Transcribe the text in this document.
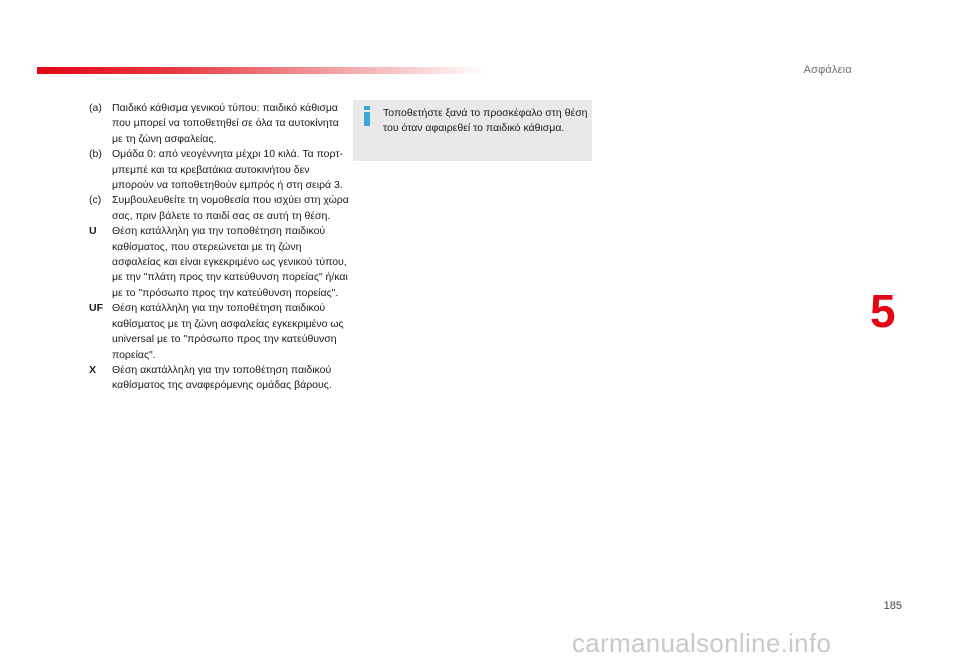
Ασφάλεια
5
(a) Παιδικό κάθισμα γενικού τύπου: παιδικό κάθισμα που μπορεί να τοποθετηθεί σε όλα τα αυτοκίνητα με τη ζώνη ασφαλείας.
(b) Ομάδα 0: από νεογέννητα μέχρι 10 κιλά. Τα πορτ-μπεμπέ και τα κρεβατάκια αυτοκινήτου δεν μπορούν να τοποθετηθούν εμπρός ή στη σειρά 3.
(c)	Συμβουλευθείτε τη νομοθεσία που ισχύει στη χώρα σας, πριν βάλετε το παιδί σας σε αυτή τη θέση.
U	Θέση κατάλληλη για την τοποθέτηση παιδικού καθίσματος, που στερεώνεται με τη ζώνη ασφαλείας και είναι εγκεκριμένο ως γενικού τύπου, με την "πλάτη προς την κατεύθυνση πορείας" ή/και με το "πρόσωπο προς την κατεύθυνση πορείας".
UF Θέση κατάλληλη για την τοποθέτηση παιδικού καθίσματος με τη ζώνη ασφαλείας εγκεκριμένο ως universal με το "πρόσωπο προς την κατεύθυνση πορείας".
X	Θέση ακατάλληλη για την τοποθέτηση παιδικού καθίσματος της αναφερόμενης ομάδας βάρους.
Τοποθετήστε ξανά το προσκέφαλο στη θέση του όταν αφαιρεθεί το παιδικό κάθισμα.
185
carmanualsonline.info
